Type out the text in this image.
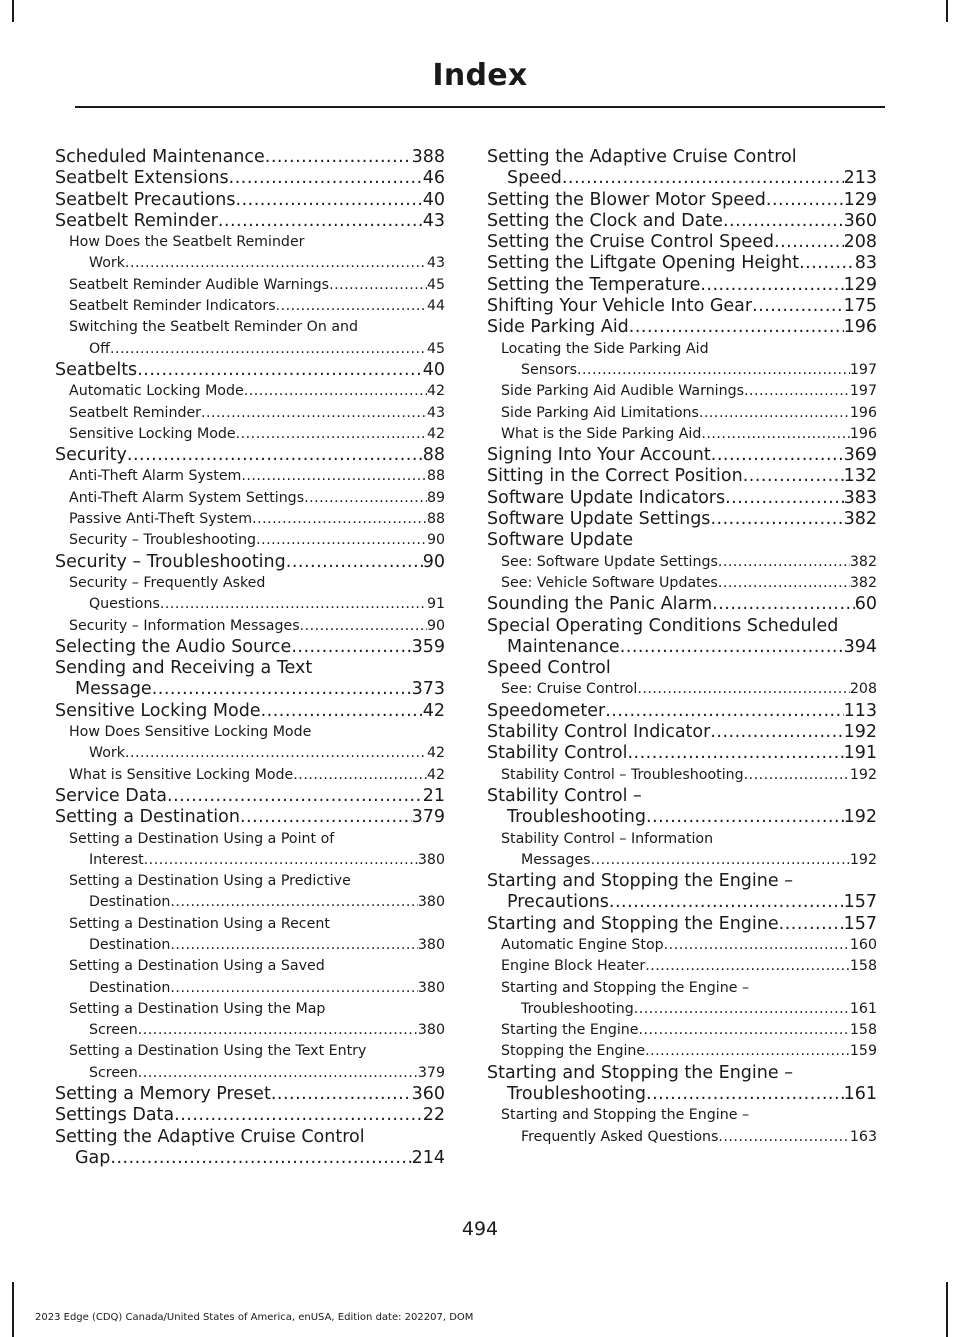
Index
Scheduled Maintenance .....	388
Seatbelt Extensions .....	46
Seatbelt Precautions .....	40
Seatbelt Reminder .....	43
How Does the Seatbelt Reminder
Work .....	43
Seatbelt Reminder Audible Warnings .....	45
Seatbelt Reminder Indicators .....	44
Switching the Seatbelt Reminder On and
Off .....	45
Seatbelts .....	40
Automatic Locking Mode .....	42
Seatbelt Reminder .....	43
Sensitive Locking Mode .....	42
Security .....	88
Anti-Theft Alarm System .....	88
Anti-Theft Alarm System Settings .....	89
Passive Anti-Theft System .....	88
Security – Troubleshooting .....	90
Security – Troubleshooting .....	90
Security – Frequently Asked
Questions .....	91
Security – Information Messages .....	90
Selecting the Audio Source .....	359
Sending and Receiving a Text
Message .....	373
Sensitive Locking Mode .....	42
How Does Sensitive Locking Mode
Work .....	42
What is Sensitive Locking Mode .....	42
Service Data .....	21
Setting a Destination .....	379
Setting a Destination Using a Point of
Interest .....	380
Setting a Destination Using a Predictive
Destination .....	380
Setting a Destination Using a Recent
Destination .....	380
Setting a Destination Using a Saved
Destination .....	380
Setting a Destination Using the Map
Screen .....	380
Setting a Destination Using the Text Entry
Screen .....	379
Setting a Memory Preset .....	360
Settings Data .....	22
Setting the Adaptive Cruise Control
Gap .....	214
Setting the Adaptive Cruise Control
Speed .....	213
Setting the Blower Motor Speed .....	129
Setting the Clock and Date .....	360
Setting the Cruise Control Speed .....	208
Setting the Liftgate Opening Height .....	83
Setting the Temperature .....	129
Shifting Your Vehicle Into Gear .....	175
Side Parking Aid .....	196
Locating the Side Parking Aid
Sensors .....	197
Side Parking Aid Audible Warnings .....	197
Side Parking Aid Limitations .....	196
What is the Side Parking Aid .....	196
Signing Into Your Account .....	369
Sitting in the Correct Position .....	132
Software Update Indicators .....	383
Software Update Settings .....	382
Software Update
See: Software Update Settings .....	382
See: Vehicle Software Updates .....	382
Sounding the Panic Alarm .....	60
Special Operating Conditions Scheduled
Maintenance .....	394
Speed Control
See: Cruise Control .....	208
Speedometer .....	113
Stability Control Indicator .....	192
Stability Control .....	191
Stability Control – Troubleshooting .....	192
Stability Control –
Troubleshooting .....	192
Stability Control – Information
Messages .....	192
Starting and Stopping the Engine –
Precautions .....	157
Starting and Stopping the Engine .....	157
Automatic Engine Stop .....	160
Engine Block Heater .....	158
Starting and Stopping the Engine –
Troubleshooting .....	161
Starting the Engine .....	158
Stopping the Engine .....	159
Starting and Stopping the Engine –
Troubleshooting .....	161
Starting and Stopping the Engine –
Frequently Asked Questions .....	163
494
2023 Edge (CDQ) Canada/United States of America, enUSA, Edition date: 202207, DOM
